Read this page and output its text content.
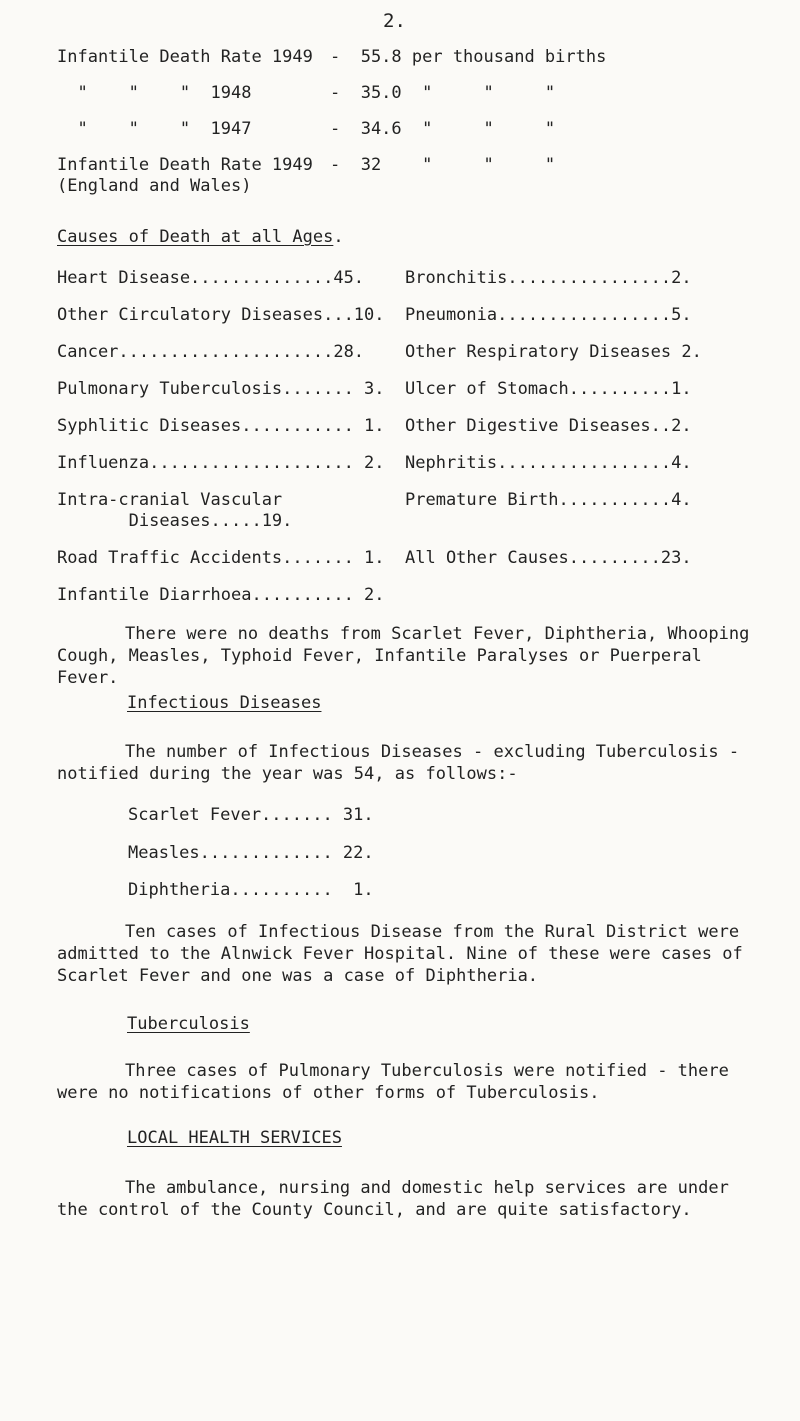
2.
Infantile Death Rate 1949 -  55.8 per thousand births
"    "    "  1948	-  35.0  "     "     "
"    "    "  1947	-  34.6  "     "     "
Infantile Death Rate 1949 -  32    "     "     "
(England and Wales)
Causes of Death at all Ages.
Heart Disease..............45.
Other Circulatory Diseases...10.
Cancer.....................28.
Pulmonary Tuberculosis....... 3.
Syphlitic Diseases........... 1.
Influenza.................... 2.
Intra-cranial Vascular
Diseases.....19.
Road Traffic Accidents....... 1.
Infantile Diarrhoea.......... 2.
Bronchitis................2.
Pneumonia.................5.
Other Respiratory Diseases 2.
Ulcer of Stomach..........1.
Other Digestive Diseases..2.
Nephritis.................4.
Premature Birth...........4.
All Other Causes.........23.
There were no deaths from Scarlet Fever, Diphtheria, Whooping Cough, Measles, Typhoid Fever, Infantile Paralyses or Puerperal Fever.
Infectious Diseases
The number of Infectious Diseases - excluding Tuberculosis - notified during the year was 54, as follows:-
Scarlet Fever....... 31.
Measles............. 22.
Diphtheria..........  1.
Ten cases of Infectious Disease from the Rural District were admitted to the Alnwick Fever Hospital. Nine of these were cases of Scarlet Fever and one was a case of Diphtheria.
Tuberculosis
Three cases of Pulmonary Tuberculosis were notified - there were no notifications of other forms of Tuberculosis.
LOCAL HEALTH SERVICES
The ambulance, nursing and domestic help services are under the control of the County Council, and are quite satisfactory.
